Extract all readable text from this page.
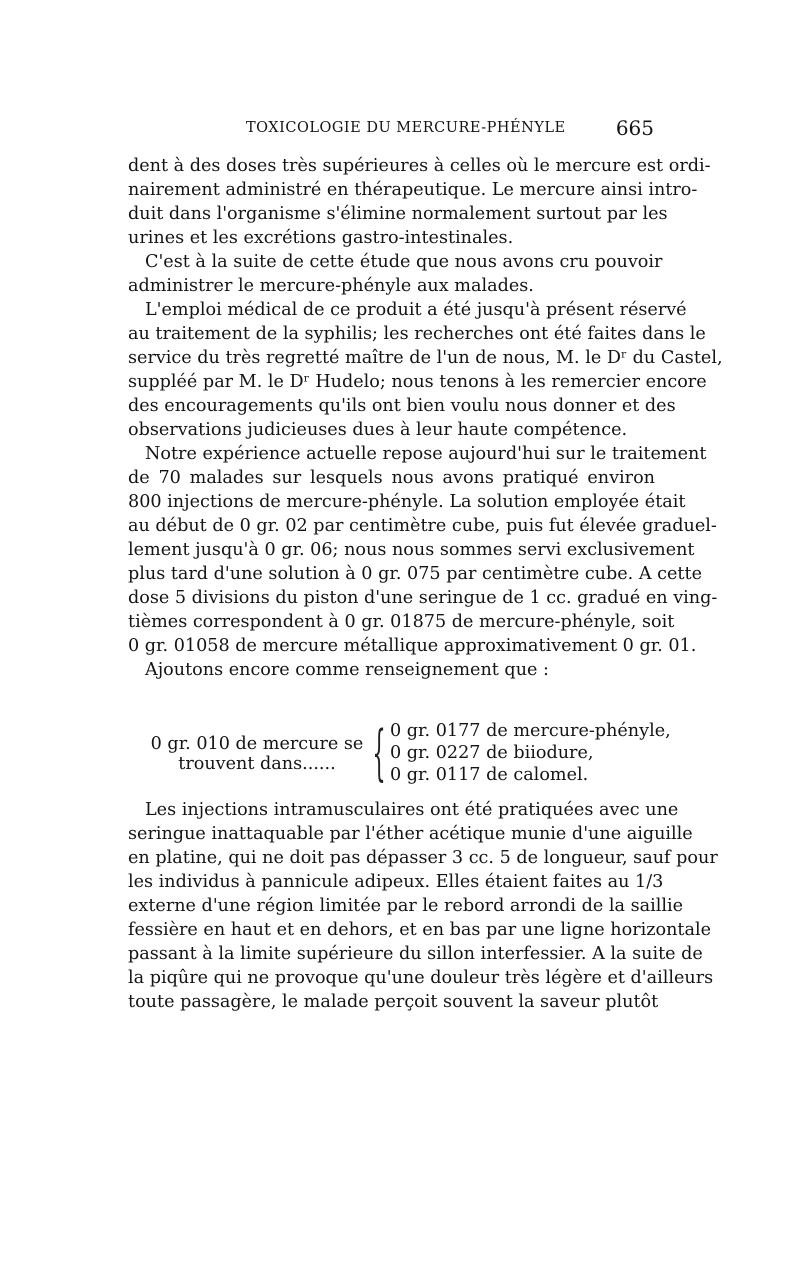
TOXICOLOGIE DU MERCURE-PHÉNYLE	665
dent à des doses très supérieures à celles où le mercure est ordi-
nairement administré en thérapeutique. Le mercure ainsi intro-
duit dans l'organisme s'élimine normalement surtout par les
urines et les excrétions gastro-intestinales.
C'est à la suite de cette étude que nous avons cru pouvoir
administrer le mercure-phényle aux malades.
L'emploi médical de ce produit a été jusqu'à présent réservé
au traitement de la syphilis; les recherches ont été faites dans le
service du très regretté maître de l'un de nous, M. le Dʳ du Castel,
suppléé par M. le Dʳ Hudelo; nous tenons à les remercier encore
des encouragements qu'ils ont bien voulu nous donner et des
observations judicieuses dues à leur haute compétence.
Notre expérience actuelle repose aujourd'hui sur le traitement
de 70 malades sur lesquels nous avons pratiqué environ
800 injections de mercure-phényle. La solution employée était
au début de 0 gr. 02 par centimètre cube, puis fut élevée graduel-
lement jusqu'à 0 gr. 06; nous nous sommes servi exclusivement
plus tard d'une solution à 0 gr. 075 par centimètre cube. A cette
dose 5 divisions du piston d'une seringue de 1 cc. gradué en ving-
tièmes correspondent à 0 gr. 01875 de mercure-phényle, soit
0 gr. 01058 de mercure métallique approximativement 0 gr. 01.
Ajoutons encore comme renseignement que :
0 gr. 010 de mercure se
trouvent dans...... { 0 gr. 0177 de mercure-phényle,
0 gr. 0227 de biiodure,
0 gr. 0117 de calomel.
Les injections intramusculaires ont été pratiquées avec une
seringue inattaquable par l'éther acétique munie d'une aiguille
en platine, qui ne doit pas dépasser 3 cc. 5 de longueur, sauf pour
les individus à pannicule adipeux. Elles étaient faites au 1/3
externe d'une région limitée par le rebord arrondi de la saillie
fessière en haut et en dehors, et en bas par une ligne horizontale
passant à la limite supérieure du sillon interfessier. A la suite de
la piqûre qui ne provoque qu'une douleur très légère et d'ailleurs
toute passagère, le malade perçoit souvent la saveur plutôt
